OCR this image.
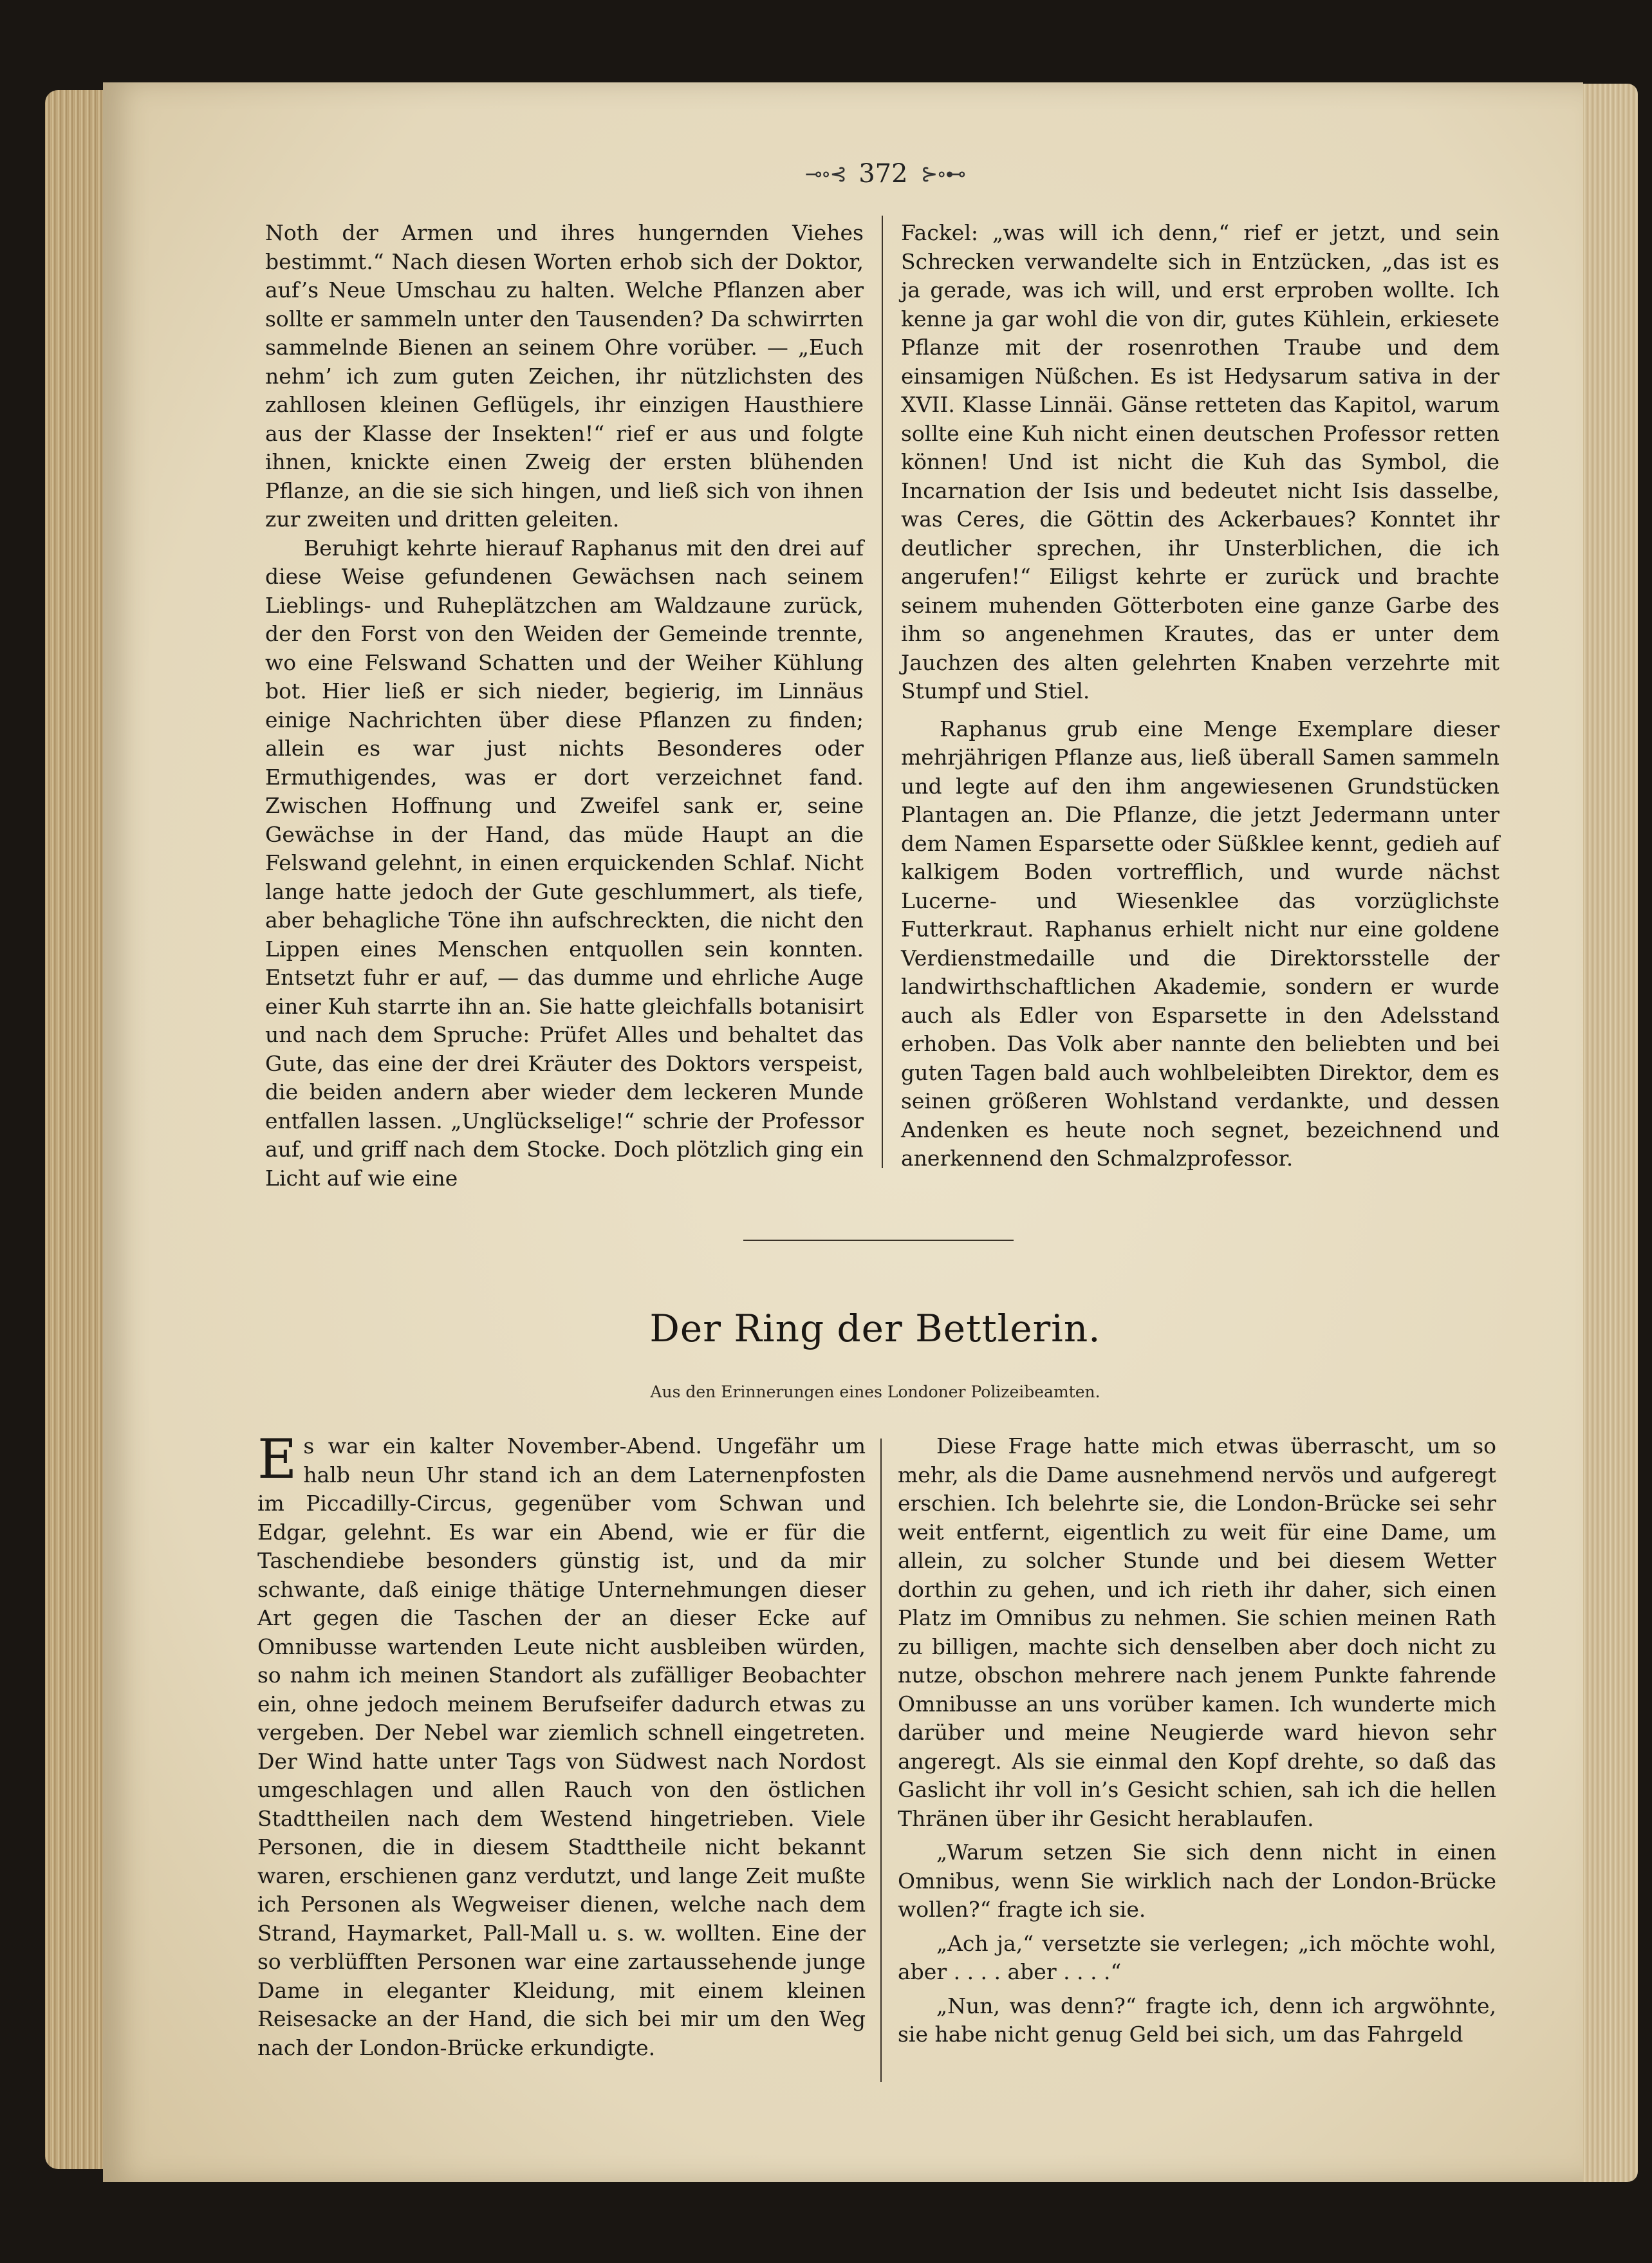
⊸∘⊰ 372 ⊱∘⊷

Noth der Armen und ihres hungernden Viehes bestimmt.“ Nach diesen Worten erhob sich der Doktor, auf’s Neue Umschau zu halten. Welche Pflanzen aber sollte er sammeln unter den Tausenden? Da schwirrten sammelnde Bienen an seinem Ohre vorüber. — „Euch nehm’ ich zum guten Zeichen, ihr nützlichsten des zahllosen kleinen Geflügels, ihr einzigen Hausthiere aus der Klasse der Insekten!“ rief er aus und folgte ihnen, knickte einen Zweig der ersten blühenden Pflanze, an die sie sich hingen, und ließ sich von ihnen zur zweiten und dritten geleiten.

Beruhigt kehrte hierauf Raphanus mit den drei auf diese Weise gefundenen Gewächsen nach seinem Lieblings- und Ruheplätzchen am Waldzaune zurück, der den Forst von den Weiden der Gemeinde trennte, wo eine Felswand Schatten und der Weiher Kühlung bot. Hier ließ er sich nieder, begierig, im Linnäus einige Nachrichten über diese Pflanzen zu finden; allein es war just nichts Besonderes oder Ermuthigendes, was er dort verzeichnet fand. Zwischen Hoffnung und Zweifel sank er, seine Gewächse in der Hand, das müde Haupt an die Felswand gelehnt, in einen erquickenden Schlaf. Nicht lange hatte jedoch der Gute geschlummert, als tiefe, aber behagliche Töne ihn aufschreckten, die nicht den Lippen eines Menschen entquollen sein konnten. Entsetzt fuhr er auf, — das dumme und ehrliche Auge einer Kuh starrte ihn an. Sie hatte gleichfalls botanisirt und nach dem Spruche: Prüfet Alles und behaltet das Gute, das eine der drei Kräuter des Doktors verspeist, die beiden andern aber wieder dem leckeren Munde entfallen lassen. „Unglückselige!“ schrie der Professor auf, und griff nach dem Stocke. Doch plötzlich ging ein Licht auf wie eine

Fackel: „was will ich denn,“ rief er jetzt, und sein Schrecken verwandelte sich in Entzücken, „das ist es ja gerade, was ich will, und erst erproben wollte. Ich kenne ja gar wohl die von dir, gutes Kühlein, erkiesete Pflanze mit der rosenrothen Traube und dem einsamigen Nüßchen. Es ist Hedysarum sativa in der XVII. Klasse Linnäi. Gänse retteten das Kapitol, warum sollte eine Kuh nicht einen deutschen Professor retten können! Und ist nicht die Kuh das Symbol, die Incarnation der Isis und bedeutet nicht Isis dasselbe, was Ceres, die Göttin des Ackerbaues? Konntet ihr deutlicher sprechen, ihr Unsterblichen, die ich angerufen!“ Eiligst kehrte er zurück und brachte seinem muhenden Götterboten eine ganze Garbe des ihm so angenehmen Krautes, das er unter dem Jauchzen des alten gelehrten Knaben verzehrte mit Stumpf und Stiel.

Raphanus grub eine Menge Exemplare dieser mehrjährigen Pflanze aus, ließ überall Samen sammeln und legte auf den ihm angewiesenen Grundstücken Plantagen an. Die Pflanze, die jetzt Jedermann unter dem Namen Esparsette oder Süßklee kennt, gedieh auf kalkigem Boden vortrefflich, und wurde nächst Lucerne- und Wiesenklee das vorzüglichste Futterkraut. Raphanus erhielt nicht nur eine goldene Verdienstmedaille und die Direktorsstelle der landwirthschaftlichen Akademie, sondern er wurde auch als Edler von Esparsette in den Adelsstand erhoben. Das Volk aber nannte den beliebten und bei guten Tagen bald auch wohlbeleibten Direktor, dem es seinen größeren Wohlstand verdankte, und dessen Andenken es heute noch segnet, bezeichnend und anerkennend den Schmalzprofessor.

Der Ring der Bettlerin.
Aus den Erinnerungen eines Londoner Polizeibeamten.
E s war ein kalter November-Abend. Ungefähr um halb neun Uhr stand ich an dem Laternenpfosten im Piccadilly-Circus, gegenüber vom Schwan und Edgar, gelehnt. Es war ein Abend, wie er für die Taschendiebe besonders günstig ist, und da mir schwante, daß einige thätige Unternehmungen dieser Art gegen die Taschen der an dieser Ecke auf Omnibusse wartenden Leute nicht ausbleiben würden, so nahm ich meinen Standort als zufälliger Beobachter ein, ohne jedoch meinem Berufseifer dadurch etwas zu vergeben. Der Nebel war ziemlich schnell eingetreten. Der Wind hatte unter Tags von Südwest nach Nordost umgeschlagen und allen Rauch von den östlichen Stadttheilen nach dem Westend hingetrieben. Viele Personen, die in diesem Stadttheile nicht bekannt waren, erschienen ganz verdutzt, und lange Zeit mußte ich Personen als Wegweiser dienen, welche nach dem Strand, Haymarket, Pall-Mall u. s. w. wollten. Eine der so verblüfften Personen war eine zartaussehende junge Dame in eleganter Kleidung, mit einem kleinen Reisesacke an der Hand, die sich bei mir um den Weg nach der London-Brücke erkundigte.

Diese Frage hatte mich etwas überrascht, um so mehr, als die Dame ausnehmend nervös und aufgeregt erschien. Ich belehrte sie, die London-Brücke sei sehr weit entfernt, eigentlich zu weit für eine Dame, um allein, zu solcher Stunde und bei diesem Wetter dorthin zu gehen, und ich rieth ihr daher, sich einen Platz im Omnibus zu nehmen. Sie schien meinen Rath zu billigen, machte sich denselben aber doch nicht zu nutze, obschon mehrere nach jenem Punkte fahrende Omnibusse an uns vorüber kamen. Ich wunderte mich darüber und meine Neugierde ward hievon sehr angeregt. Als sie einmal den Kopf drehte, so daß das Gaslicht ihr voll in’s Gesicht schien, sah ich die hellen Thränen über ihr Gesicht herablaufen.

„Warum setzen Sie sich denn nicht in einen Omnibus, wenn Sie wirklich nach der London-Brücke wollen?“ fragte ich sie.

„Ach ja,“ versetzte sie verlegen; „ich möchte wohl, aber . . . . aber . . . .“

„Nun, was denn?“ fragte ich, denn ich argwöhnte, sie habe nicht genug Geld bei sich, um das Fahrgeld
